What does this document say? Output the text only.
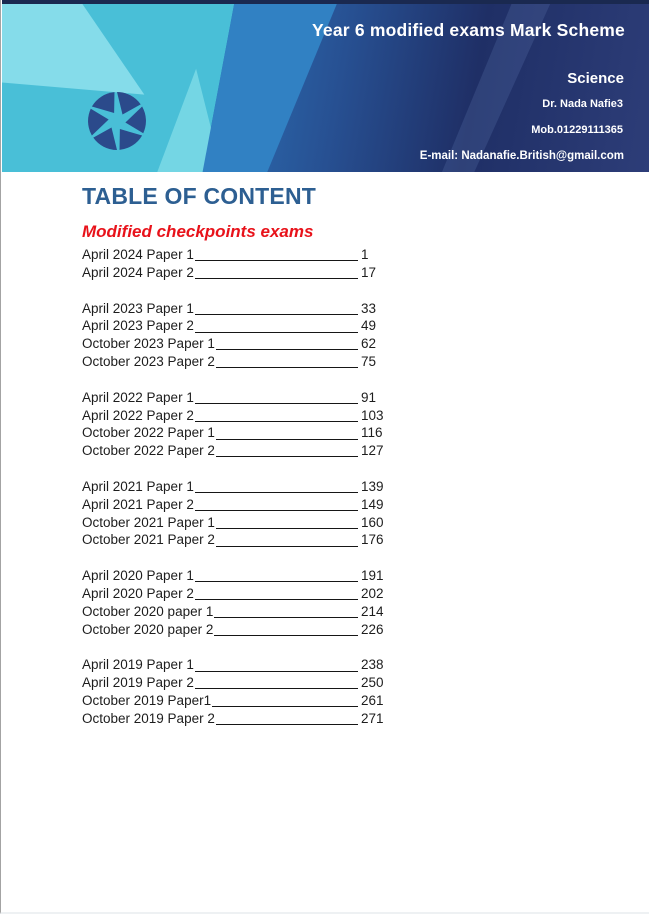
Year 6 modified exams Mark Scheme
Science
Dr. Nada Nafie3
Mob.01229111365
E-mail: Nadanafie.British@gmail.com
TABLE OF CONTENT
Modified checkpoints exams
April 2024 Paper 1	1
April 2024 Paper 2	17
April 2023 Paper 1	33
April 2023 Paper 2	49
October 2023 Paper 1	62
October 2023 Paper 2	75
April 2022 Paper 1	91
April 2022 Paper 2	103
October 2022 Paper 1	116
October 2022 Paper 2	127
April 2021 Paper 1	139
April 2021 Paper 2	149
October 2021 Paper 1	160
October 2021 Paper 2	176
April 2020 Paper 1	191
April 2020 Paper 2	202
October 2020 paper 1	214
October 2020 paper 2	226
April 2019 Paper 1	238
April 2019 Paper 2	250
October 2019 Paper1	261
October 2019 Paper 2	271
